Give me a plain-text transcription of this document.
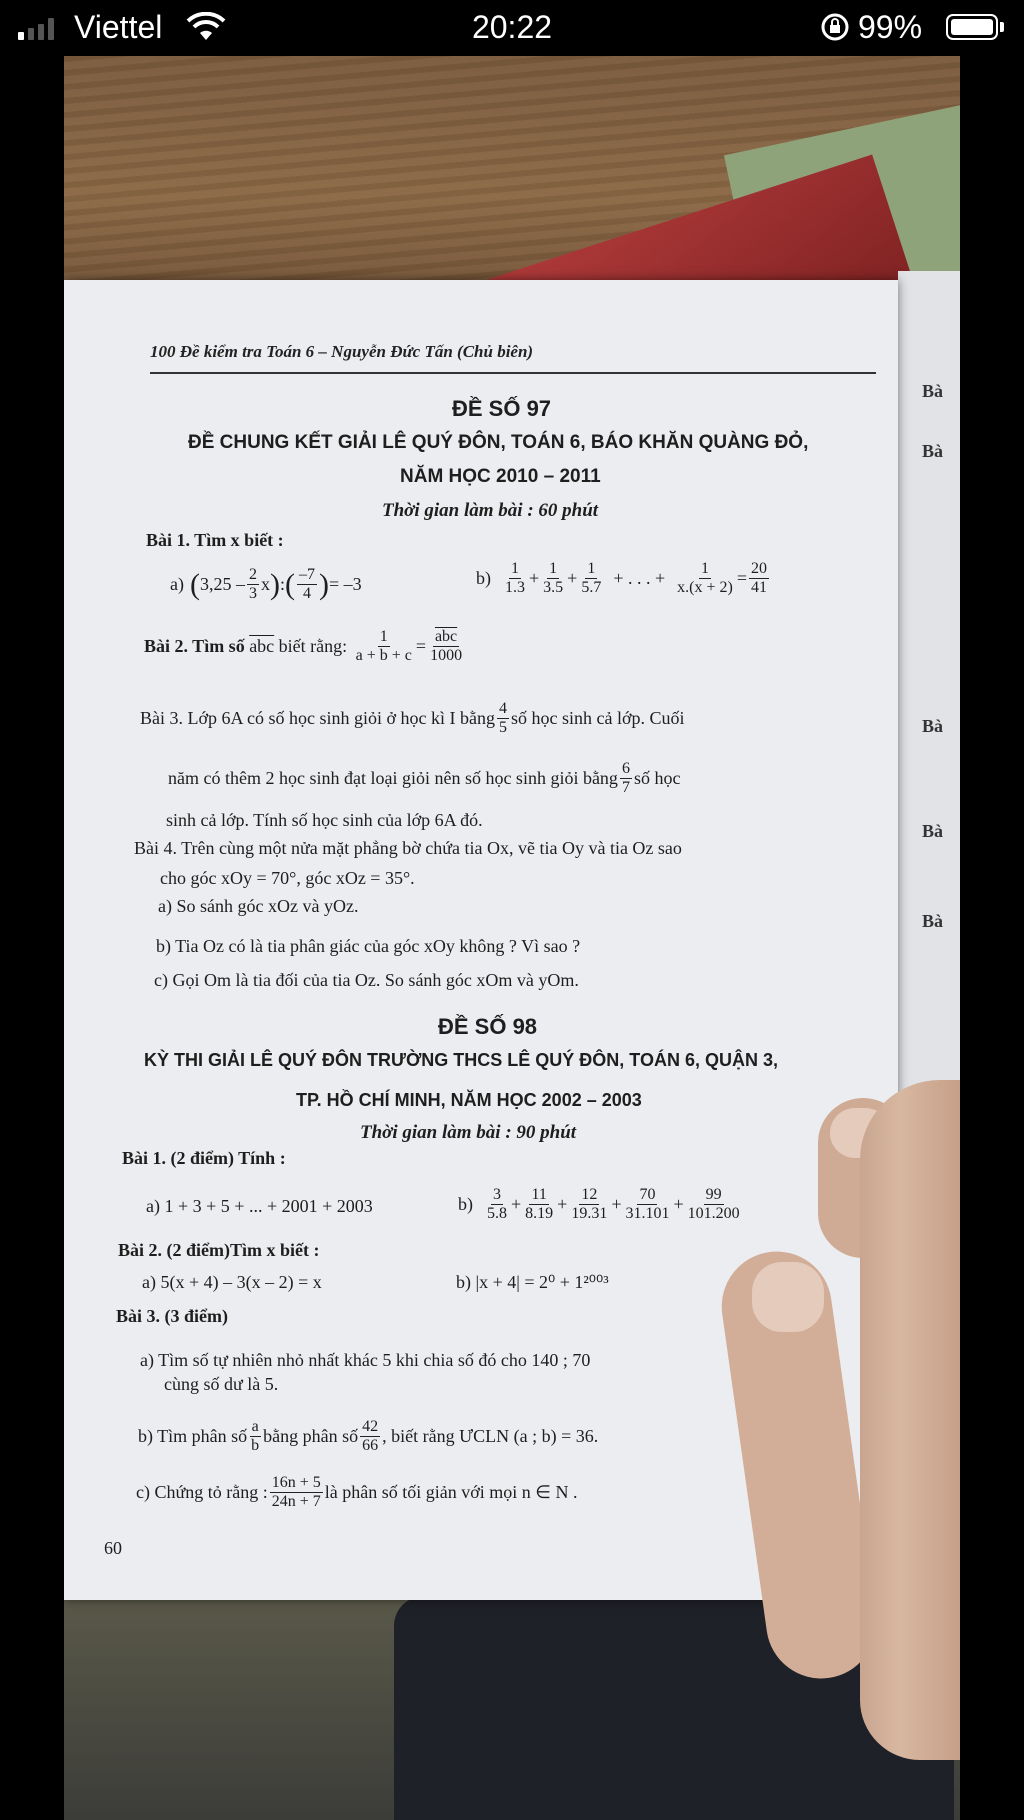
Viettel	20:22	99%
Bà
Bà
Bà
Bà
Bà
100 Đề kiểm tra Toán 6 – Nguyễn Đức Tấn (Chủ biên)
ĐỀ SỐ 97
ĐỀ CHUNG KẾT GIẢI LÊ QUÝ ĐÔN, TOÁN 6, BÁO KHĂN QUÀNG ĐỎ,
NĂM HỌC 2010 – 2011
Thời gian làm bài : 60 phút
Bài 1. Tìm x biết :
a) ( $3,25 - \frac{2}{3}$ x ) : ( $\frac{-7}{4}$ ) = –3	$b) \frac{1}{1.3} + \frac{1}{3.5} + \frac{1}{5.7}$ + . . . + $\frac{1}{x.(x + 2)} = \frac{20}{41}$
Bài 2. Tìm số
$\overline{abc}$
biết rằng:
$\frac{1}{a + b + c} = \frac{\overline{abc}}{1000}$
Bài 3. Lớp 6A có số học sinh giỏi ở học kì I bằng $\frac{4}{5}$ số học sinh cả lớp. Cuối
năm có thêm 2 học sinh đạt loại giỏi nên số học sinh giỏi bằng $\frac{6}{7}$ số học
sinh cả lớp. Tính số học sinh của lớp 6A đó.
Bài 4. Trên cùng một nửa mặt phẳng bờ chứa tia Ox, vẽ tia Oy và tia Oz sao
cho góc xOy = 70°, góc xOz = 35°.
a) So sánh góc xOz và yOz.
b) Tia Oz có là tia phân giác của góc xOy không ? Vì sao ?
c) Gọi Om là tia đối của tia Oz. So sánh góc xOm và yOm.
ĐỀ SỐ 98
KỲ THI GIẢI LÊ QUÝ ĐÔN TRƯỜNG THCS LÊ QUÝ ĐÔN, TOÁN 6, QUẬN 3,
TP. HỒ CHÍ MINH, NĂM HỌC 2002 – 2003
Thời gian làm bài : 90 phút
Bài 1. (2 điểm) Tính :
a) 1 + 3 + 5 + ... + 2001 + 2003	$b) \frac{3}{5.8} + \frac{11}{8.19} + \frac{12}{19.31} + \frac{70}{31.101} + \frac{99}{101.200}$
Bài 2. (2 điểm)Tìm x biết :
a) 5(x + 4) – 3(x – 2) = x	b) |x + 4| = 2⁰ + 1²⁰⁰³
Bài 3. (3 điểm)
a) Tìm số tự nhiên nhỏ nhất khác 5 khi chia số đó cho 140 ; 70
cùng số dư là 5.
b) Tìm phân số $\frac{a}{b}$ bằng phân số $\frac{42}{66}$ , biết rằng ƯCLN (a ; b) = 36.
c) Chứng tỏ rằng : $\frac{16n + 5}{24n + 7}$ là phân số tối giản với mọi n ∈ N .
60
